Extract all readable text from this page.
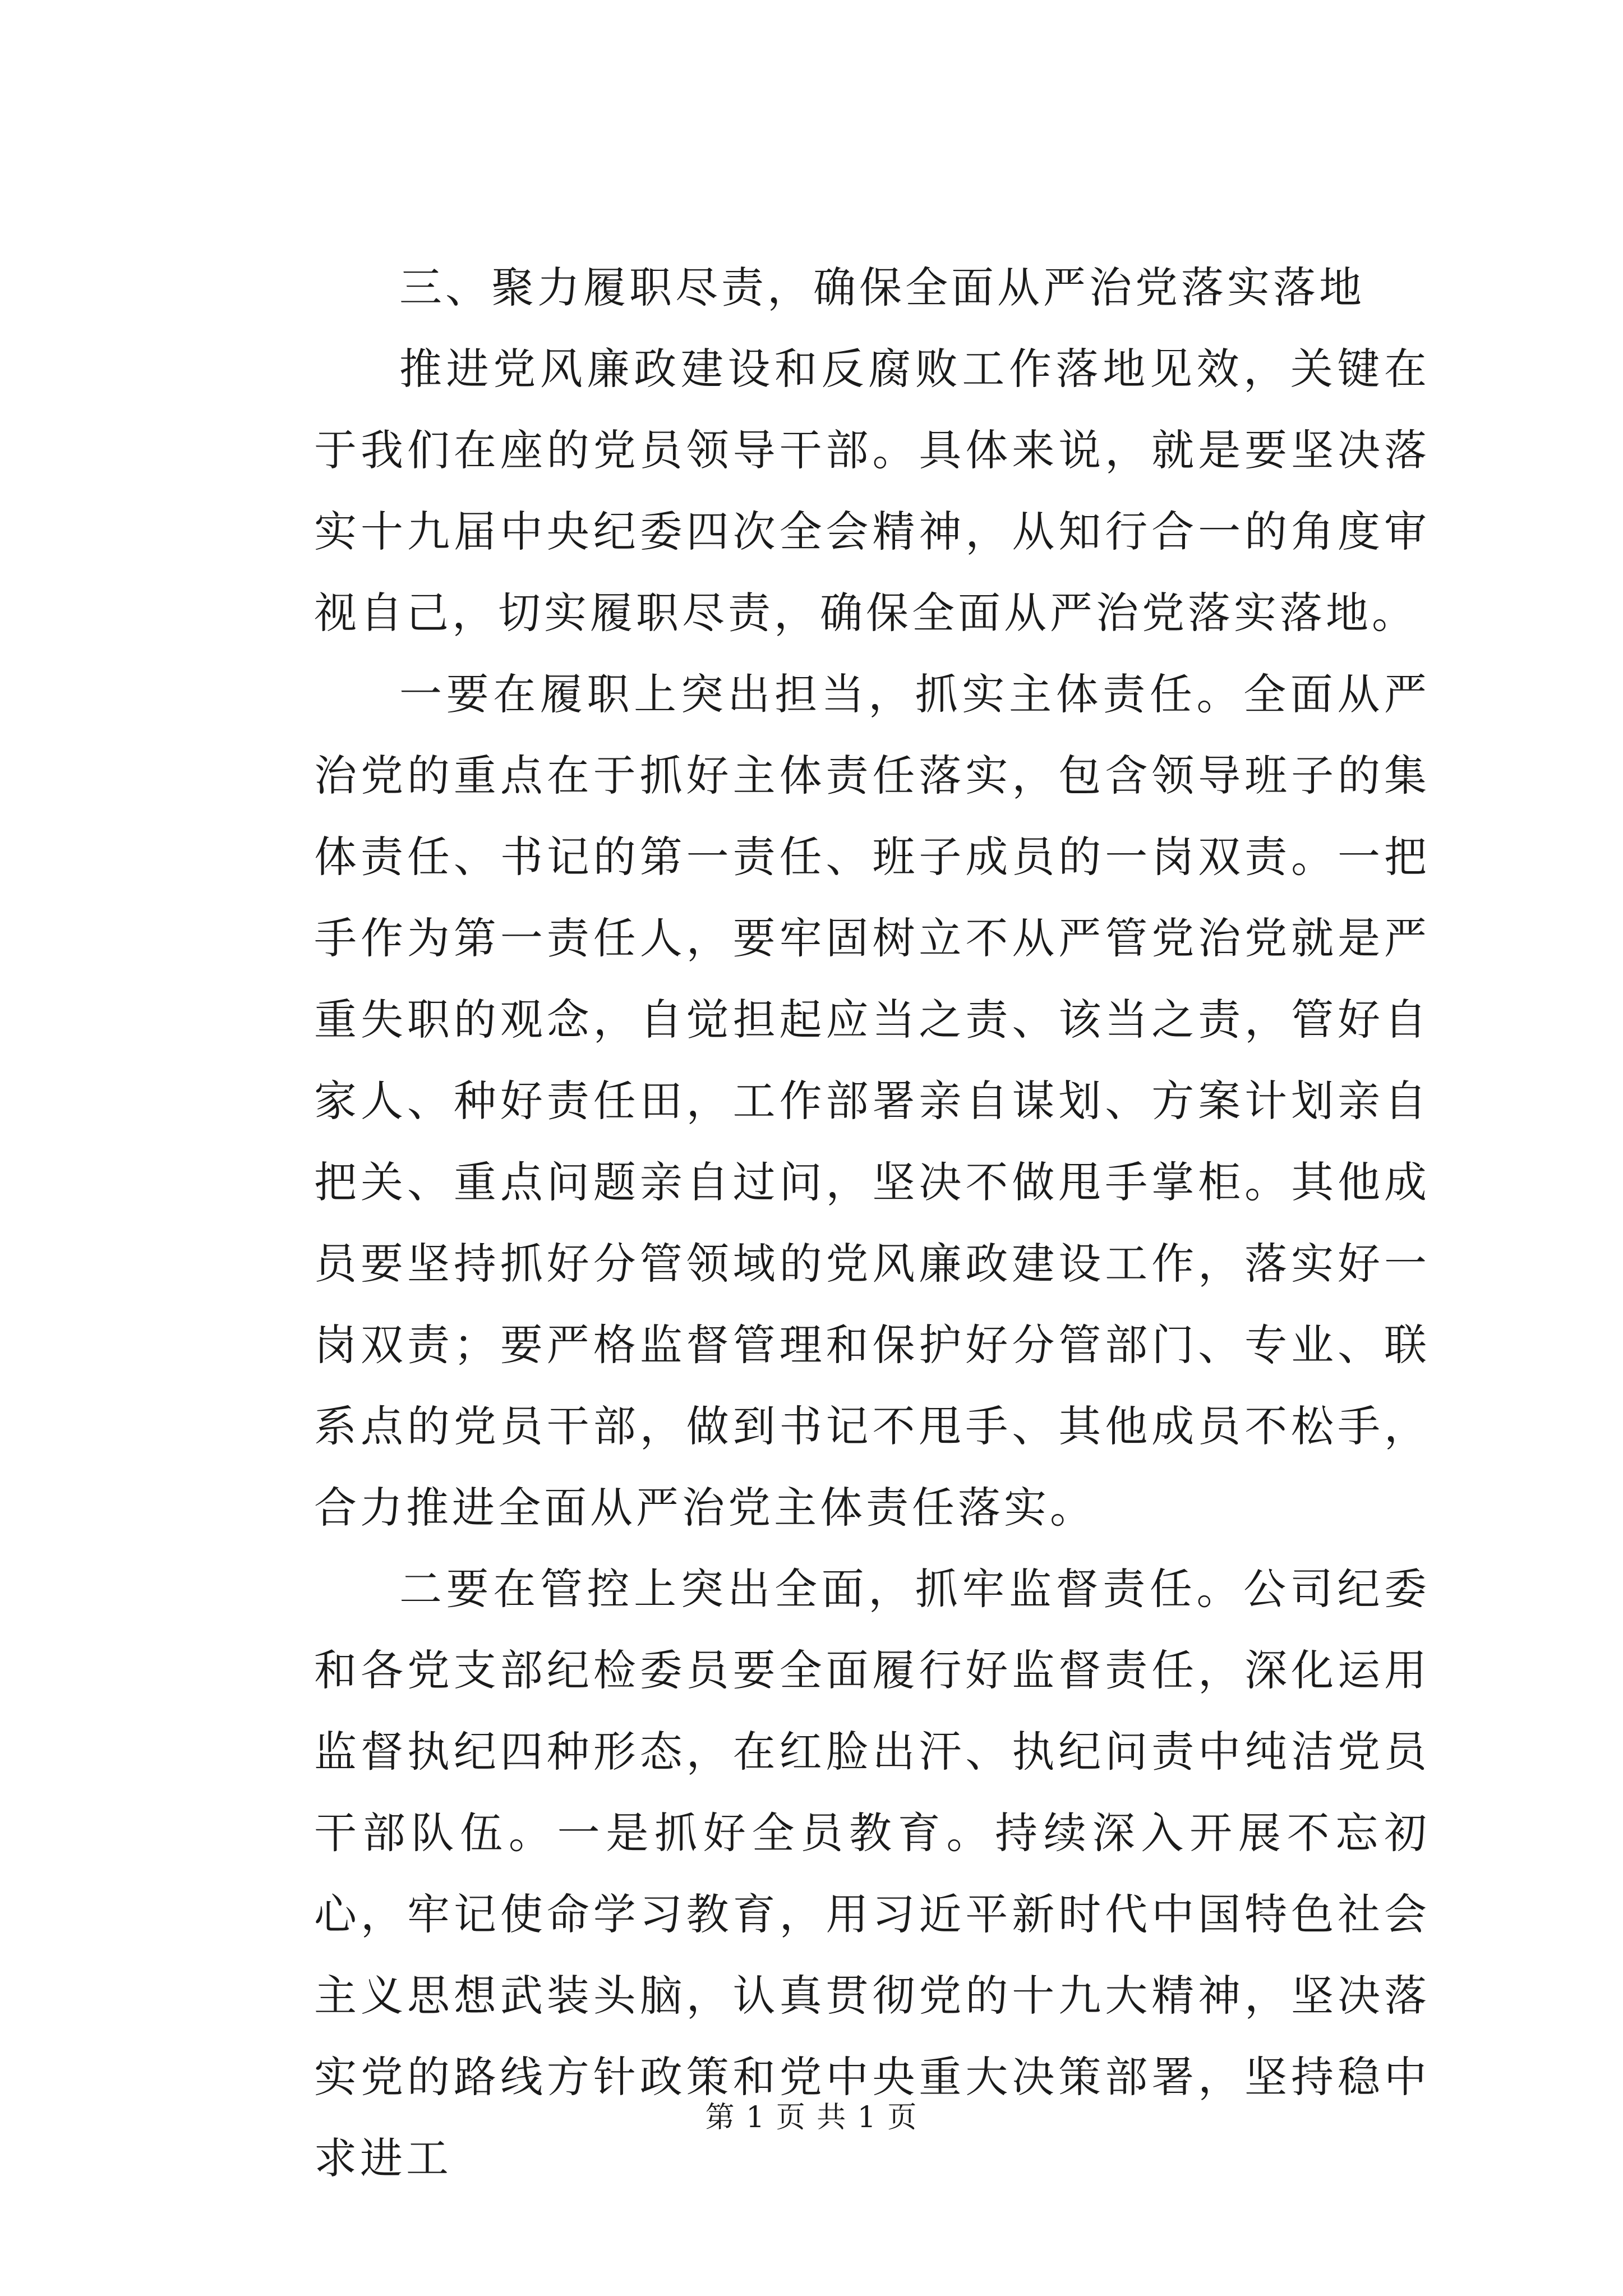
三、聚力履职尽责，确保全面从严治党落实落地

推进党风廉政建设和反腐败工作落地见效，关键在于我们在座的党员领导干部。具体来说，就是要坚决落实十九届中央纪委四次全会精神，从知行合一的角度审视自己，切实履职尽责，确保全面从严治党落实落地。

一要在履职上突出担当，抓实主体责任。全面从严治党的重点在于抓好主体责任落实，包含领导班子的集体责任、书记的第一责任、班子成员的一岗双责。一把手作为第一责任人，要牢固树立不从严管党治党就是严重失职的观念，自觉担起应当之责、该当之责，管好自家人、种好责任田，工作部署亲自谋划、方案计划亲自把关、重点问题亲自过问，坚决不做甩手掌柜。其他成员要坚持抓好分管领域的党风廉政建设工作，落实好一岗双责；要严格监督管理和保护好分管部门、专业、联系点的党员干部，做到书记不甩手、其他成员不松手，合力推进全面从严治党主体责任落实。

二要在管控上突出全面，抓牢监督责任。公司纪委和各党支部纪检委员要全面履行好监督责任，深化运用监督执纪四种形态，在红脸出汗、执纪问责中纯洁党员干部队伍。一是抓好全员教育。持续深入开展不忘初心，牢记使命学习教育，用习近平新时代中国特色社会主义思想武装头脑，认真贯彻党的十九大精神，坚决落实党的路线方针政策和党中央重大决策部署，坚持稳中求进工

第 1 页 共 1 页
